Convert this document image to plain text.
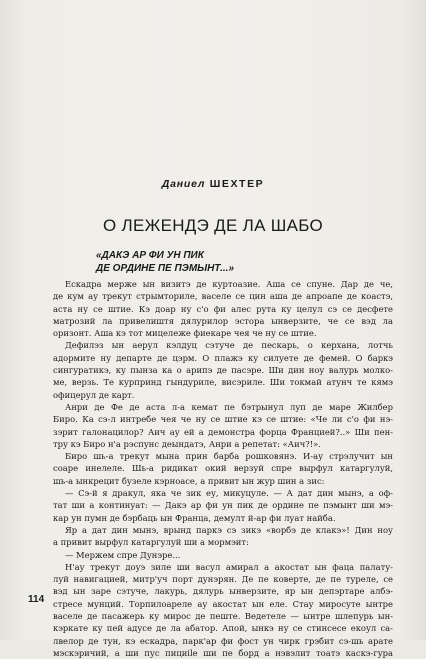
Даниел ШЕХТЕР
О ЛЕЖЕНДЭ ДЕ ЛА ШАБО
«ДАКЭ АР ФИ УН ПИК
ДЕ ОРДИНЕ ПЕ ПЭМЫНТ...»
Ескадра мерже ын визитэ де куртоазие. Аша се спуне. Дар де че,
де кум ау трекут стрымториле, васеле се цин аша де апроапе де коастэ,
аста ну се штие. Кэ доар ну с'о фи алес рута ку целул сэ се десфете
матрозий ла привелиштя дялурилор эстора ынверзите, че се вэд ла
оризонт. Аша кэ тот мицележе фиекаре чея че ну се штие.
Дефилэз ын аерул кэлдуц сэтуче де пескарь, о керхана, лотчь
адормите ну департе де цэрм. О плажэ ку силуете де фемей. О баркэ
сингуратикэ, ку пынза ка о арипэ де пасэре. Ши дин ноу валурь молко-
ме, верзь. Те курпринд гындуриле, висэриле. Ши токмай атунч те кямэ
офицерул де карт.
Анри де Фе де аста л-а кемат пе бэтрынул луп де маре Жилбер
Биро. Ка сэ-л интребе чея че ну се штие кэ се штие: «Че ли с'о фи нэ-
зэрит галонацилор? Аич ау ей а демонстра форца Францией?..» Ши пен-
тру кэ Биро н'а рэспунс деындатэ, Анри а репетат: «Аич?!».
Биро шь-а трекут мына прин барба рошковянэ. И-ау стрэлучит ын
соаре инелеле. Шь-а ридикат окий верзуй спре вырфул катаргулуй,
шь-а ынкрецит бузеле кэрноасе, а привит ын жур шин а зис:
— Сэ-й я дракул, яка че зик еу, микуцуле. — А дат дин мынэ, а оф-
тат ши а континуат: — Дакэ ар фи ун пик де ордине пе пэмынт ши мэ-
кар ун пумн де бэрбаць ын Франца, демулт й-ар фи луат найба.
Яр а дат дин мынэ, врынд паркэ сэ зикэ «ворбэ де клакэ»! Дин ноу
а привит вырфул катаргулуй ши а мормэит:
— Мержем спре Дунэре...
Н'ау трекут доуэ зиле ши васул амирал а акостат ын фаца палату-
луй навигацией, митр'уч порт дунэрян. Де пе ковертe, де пе туреле, се
вэд ын заре сэтуче, лакурь, дялурь ынверзите, яр ын депэртаре албэ-
стресе мунций. Торпилоареле ау акостат ын еле. Стау миросуте ынтре
васеле де пасажерь ку мирос де пеште. Ведетеле — ынтре шлепурь ын-
кэркате ку пей адусе де ла абатор. Апой, ынкэ ну се стинсесе екоул са-
лвелор де тун, кэ ескадра, парк'ар фи фост ун чирк грэбит сэ-шь арате
мэскэричий, а ши пус пициile ши пе борд а нэвэлит тоатэ каскэ-гура
114
